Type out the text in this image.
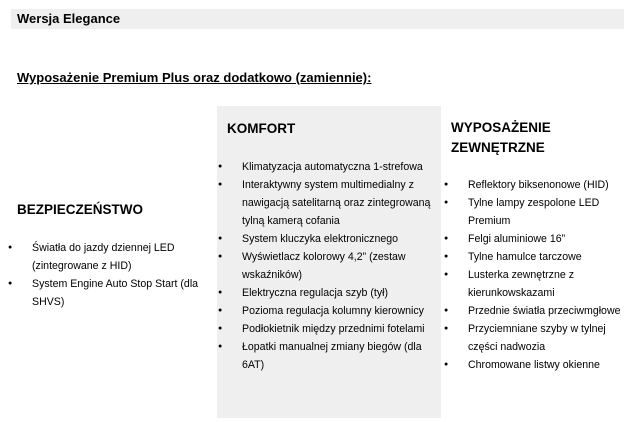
Wersja Elegance
Wyposażenie Premium Plus oraz dodatkowo (zamiennie):
BEZPIECZEŃSTWO
● Światła do jazdy dziennej LED (zintegrowane z HID)
● System Engine Auto Stop Start (dla SHVS)
KOMFORT
● Klimatyzacja automatyczna 1-strefowa
● Interaktywny system multimedialny z nawigacją satelitarną oraz zintegrowaną tylną kamerą cofania
● System kluczyka elektronicznego
● Wyświetlacz kolorowy 4,2” (zestaw wskaźników)
● Elektryczna regulacja szyb (tył)
● Pozioma regulacja kolumny kierownicy
● Podłokietnik między przednimi fotelami
● Łopatki manualnej zmiany biegów (dla 6AT)
WYPOSAŻENIE ZEWNĘTRZNE
● Reflektory biksenonowe (HID)
● Tylne lampy zespolone LED Premium
● Felgi aluminiowe 16”
● Tylne hamulce tarczowe
● Lusterka zewnętrzne z kierunkowskazami
● Przednie światła przeciwmgłowe
● Przyciemniane szyby w tylnej części nadwozia
● Chromowane listwy okienne
